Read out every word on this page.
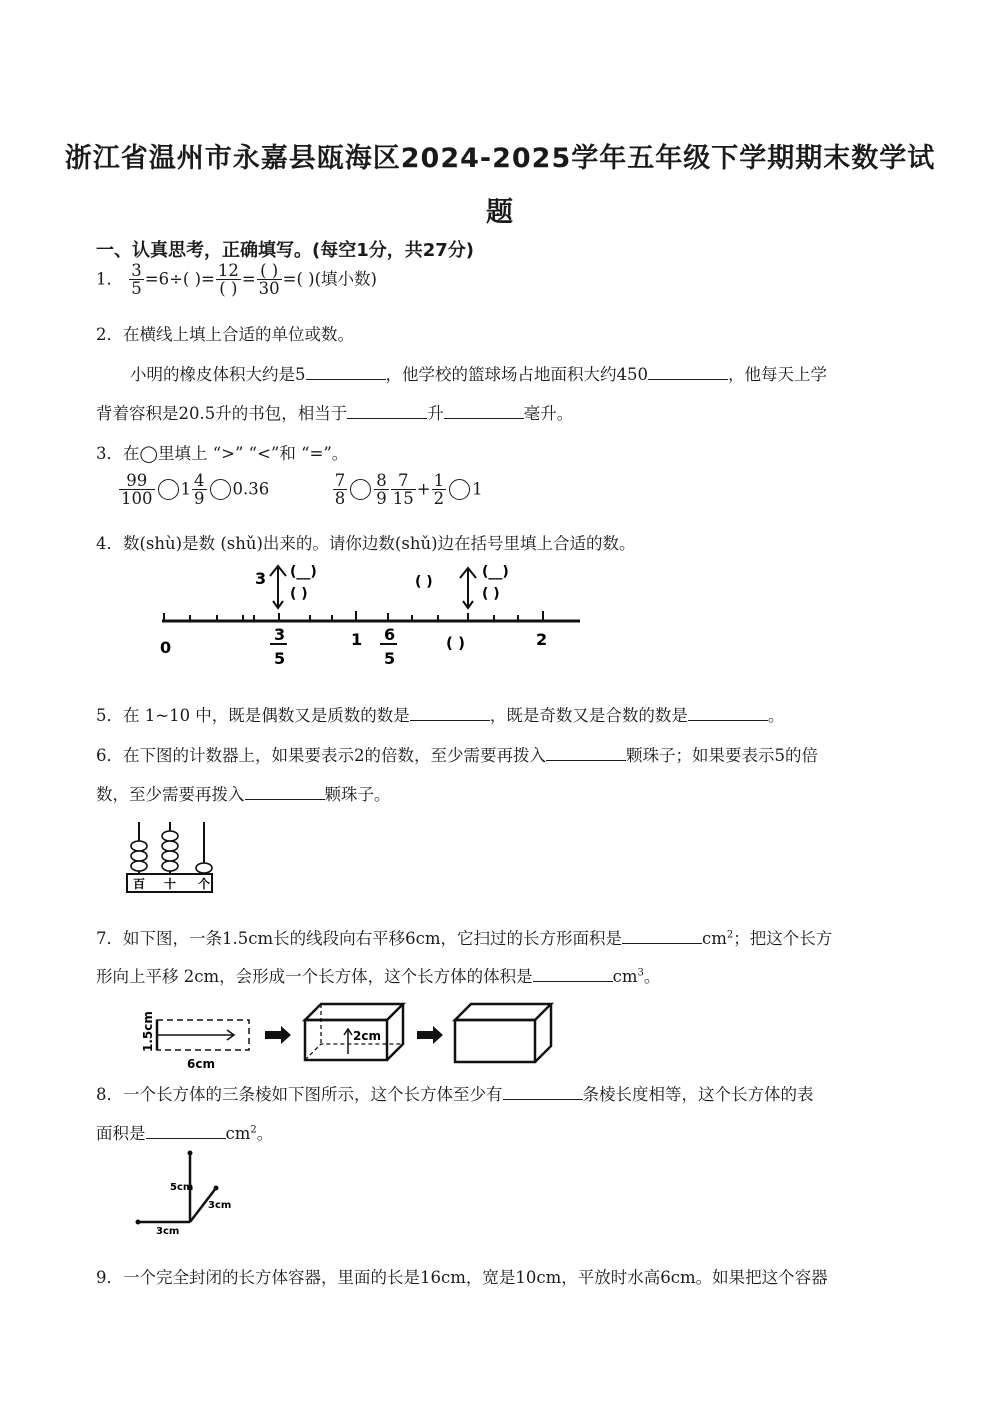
浙江省温州市永嘉县瓯海区2024-2025学年五年级下学期期末数学试
题
一、认真思考，正确填写。(每空1分，共27分)
1． $\frac{3}{5} =6\div$( )= $\frac{12}{( )} = \frac{( )}{30}$ =( )(填小数)
2．在横线上填上合适的单位或数。
小明的橡皮体积大约是5	，他学校的篮球场占地面积大约450	，他每天上学
背着容积是20.5升的书包，相当于	升	毫升。
3．在◯里填上 “>” “<”和 “=”。
$\frac{99}{100} 1 \frac{4}{9} 0.36$	$\frac{7}{8} \frac{8}{9} \frac{7}{15} + \frac{1}{2} 1$
4．数(shù)是数 (shǔ)出来的。请你边数(shǔ)边在括号里填上合适的数。
0	1	2
3
5
6
5
( )
3 (__)
( )
( )
(__)
( )
5．在 1~10 中，既是偶数又是质数的数是	，既是奇数又是合数的数是	。
6．在下图的计数器上，如果要表示2的倍数，至少需要再拨入	颗珠子；如果要表示5的倍
数，至少需要再拨入	颗珠子。
百 十 个
7．如下图，一条1.5cm长的线段向右平移6cm，它扫过的长方形面积是	$cm^2$；把这个长方
形向上平移 2cm，会形成一个长方体，这个长方体的体积是	$cm^3$。
1.5cm
6cm
2cm
8．一个长方体的三条棱如下图所示，这个长方体至少有	条棱长度相等，这个长方体的表
面积是	$cm^2$。
5cm
3cm
3cm
9．一个完全封闭的长方体容器，里面的长是16cm，宽是10cm，平放时水高6cm。如果把这个容器
